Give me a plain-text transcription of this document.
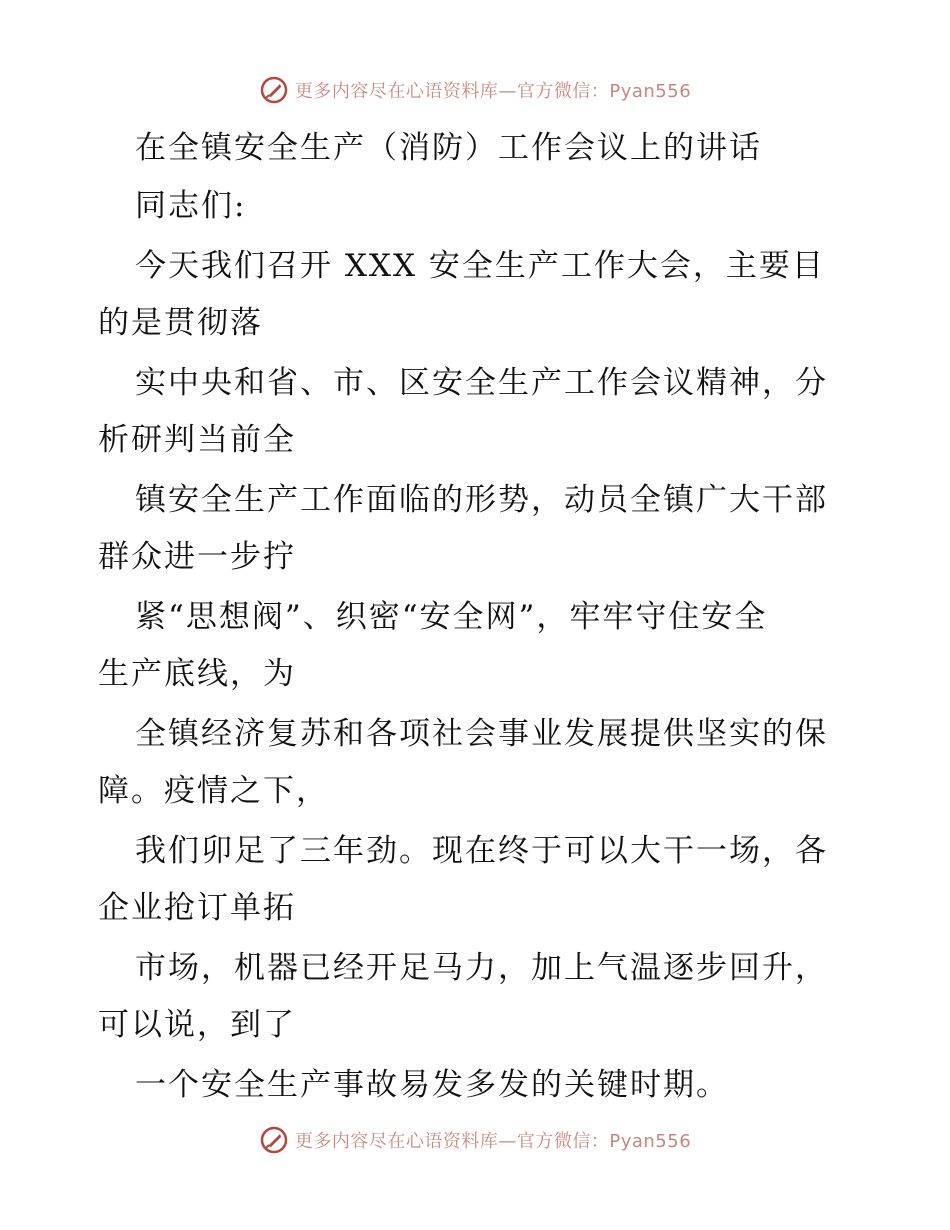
更多内容尽在心语资料库—官方微信：Pyan556
在全镇安全生产（消防）工作会议上的讲话
同志们:
今天我们召开 XXX 安全生产工作大会，主要目
的是贯彻落
实中央和省、市、区安全生产工作会议精神，分
析研判当前全
镇安全生产工作面临的形势，动员全镇广大干部
群众进一步拧
紧“思想阀”、织密“安全网”，牢牢守住安全
生产底线，为
全镇经济复苏和各项社会事业发展提供坚实的保
障。疫情之下，
我们卯足了三年劲。现在终于可以大干一场，各
企业抢订单拓
市场，机器已经开足马力，加上气温逐步回升，
可以说，到了
一个安全生产事故易发多发的关键时期。
更多内容尽在心语资料库—官方微信：Pyan556
